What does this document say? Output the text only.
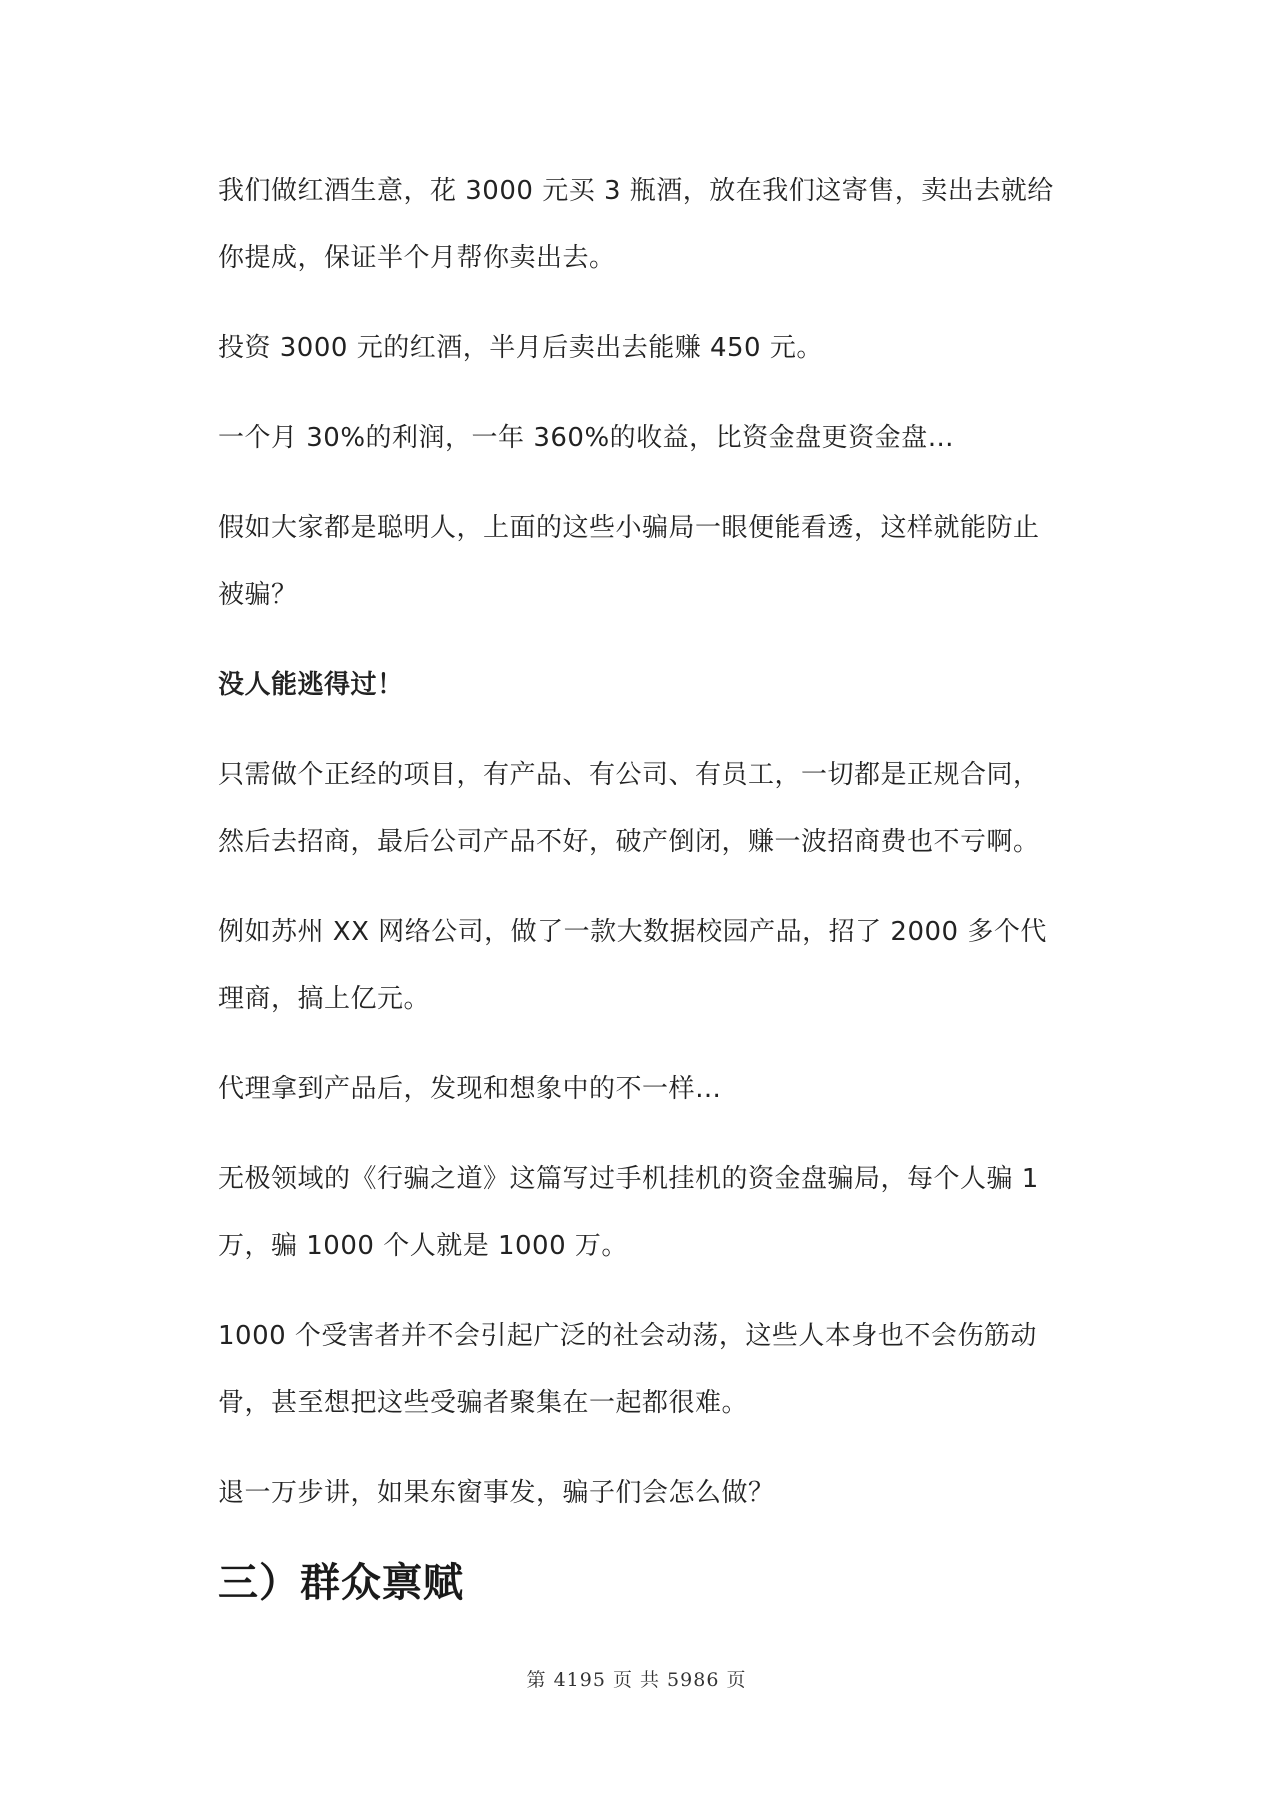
我们做红酒生意，花 3000 元买 3 瓶酒，放在我们这寄售，卖出去就给你提成，保证半个月帮你卖出去。

投资 3000 元的红酒，半月后卖出去能赚 450 元。

一个月 30%的利润，一年 360%的收益，比资金盘更资金盘…

假如大家都是聪明人，上面的这些小骗局一眼便能看透，这样就能防止被骗？

没人能逃得过！

只需做个正经的项目，有产品、有公司、有员工，一切都是正规合同，然后去招商，最后公司产品不好，破产倒闭，赚一波招商费也不亏啊。

例如苏州 XX 网络公司，做了一款大数据校园产品，招了 2000 多个代理商，搞上亿元。

代理拿到产品后，发现和想象中的不一样…

无极领域的《行骗之道》这篇写过手机挂机的资金盘骗局，每个人骗 1 万，骗 1000 个人就是 1000 万。

1000 个受害者并不会引起广泛的社会动荡，这些人本身也不会伤筋动骨，甚至想把这些受骗者聚集在一起都很难。

退一万步讲，如果东窗事发，骗子们会怎么做？

三）群众禀赋
第 4195 页 共 5986 页
